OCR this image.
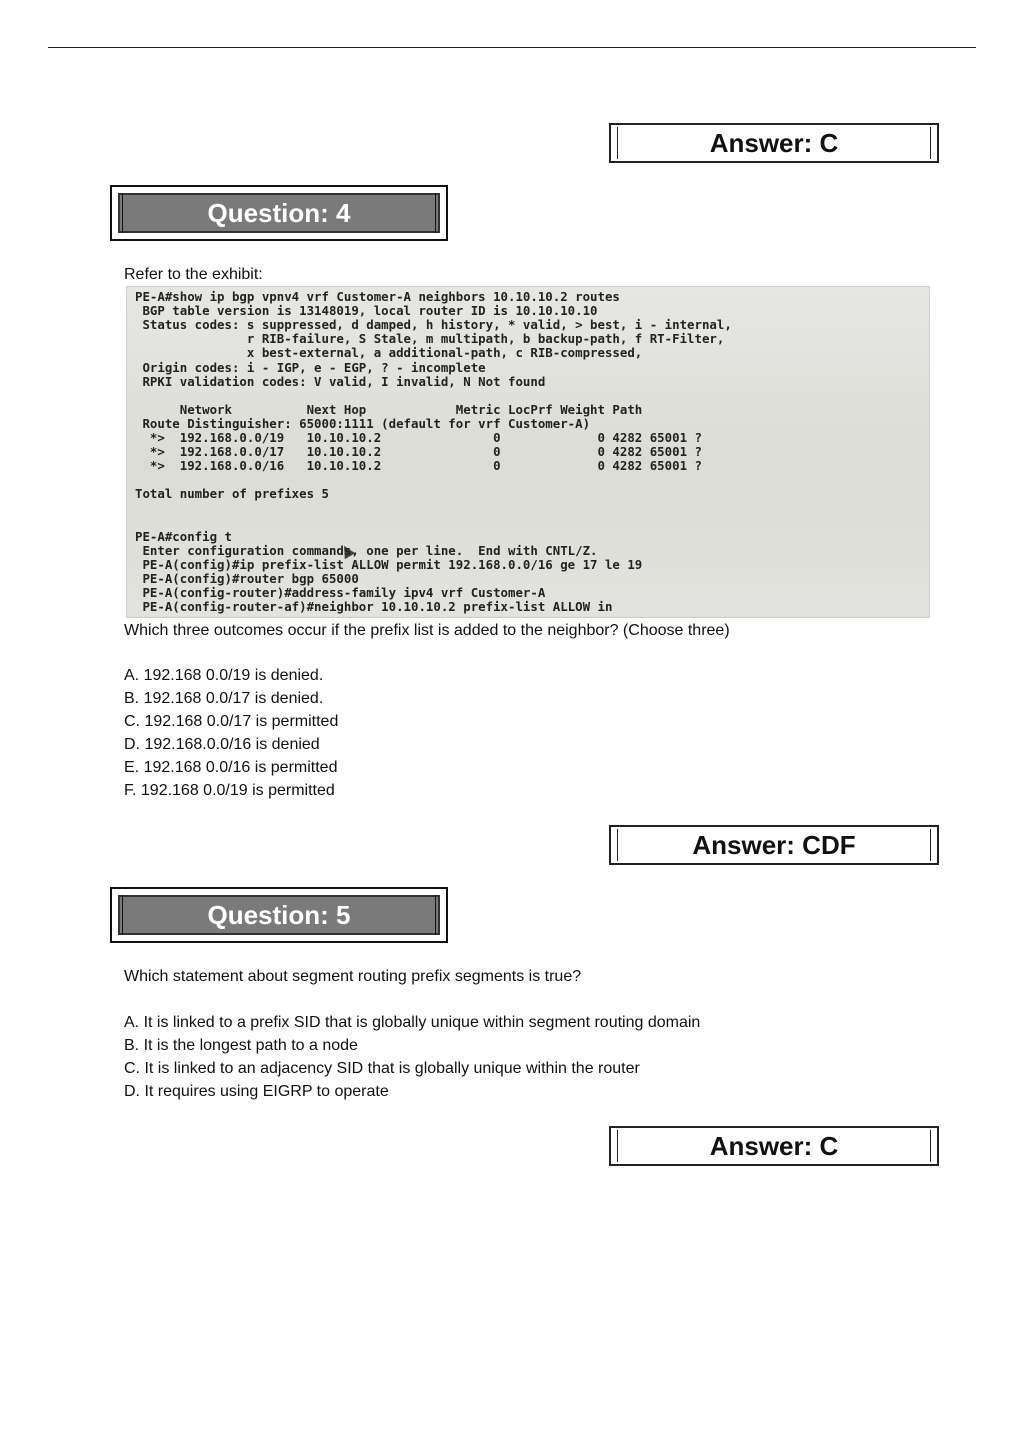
Answer: C
Question: 4
Refer to the exhibit:
PE-A#show ip bgp vpnv4 vrf Customer-A neighbors 10.10.10.2 routes
BGP table version is 13148019, local router ID is 10.10.10.10
Status codes: s suppressed, d damped, h history, * valid, > best, i - internal,
r RIB-failure, S Stale, m multipath, b backup-path, f RT-Filter,
x best-external, a additional-path, c RIB-compressed,
Origin codes: i - IGP, e - EGP, ? - incomplete
RPKI validation codes: V valid, I invalid, N Not found
Network          Next Hop            Metric LocPrf Weight Path
Route Distinguisher: 65000:1111 (default for vrf Customer-A)
*>  192.168.0.0/19   10.10.10.2               0             0 4282 65001 ?
*>  192.168.0.0/17   10.10.10.2               0             0 4282 65001 ?
*>  192.168.0.0/16   10.10.10.2               0             0 4282 65001 ?
Total number of prefixes 5
PE-A#config t
Enter configuration commands, one per line.  End with CNTL/Z.
PE-A(config)#ip prefix-list ALLOW permit 192.168.0.0/16 ge 17 le 19
PE-A(config)#router bgp 65000
PE-A(config-router)#address-family ipv4 vrf Customer-A
PE-A(config-router-af)#neighbor 10.10.10.2 prefix-list ALLOW in
Which three outcomes occur if the prefix list is added to the neighbor? (Choose three)
A. 192.168 0.0/19 is denied.
B. 192.168 0.0/17 is denied.
C. 192.168 0.0/17 is permitted
D. 192.168.0.0/16 is denied
E. 192.168 0.0/16 is permitted
F. 192.168 0.0/19 is permitted
Answer: CDF
Question: 5
Which statement about segment routing prefix segments is true?
A. It is linked to a prefix SID that is globally unique within segment routing domain
B. It is the longest path to a node
C. It is linked to an adjacency SID that is globally unique within the router
D. It requires using EIGRP to operate
Answer: C
